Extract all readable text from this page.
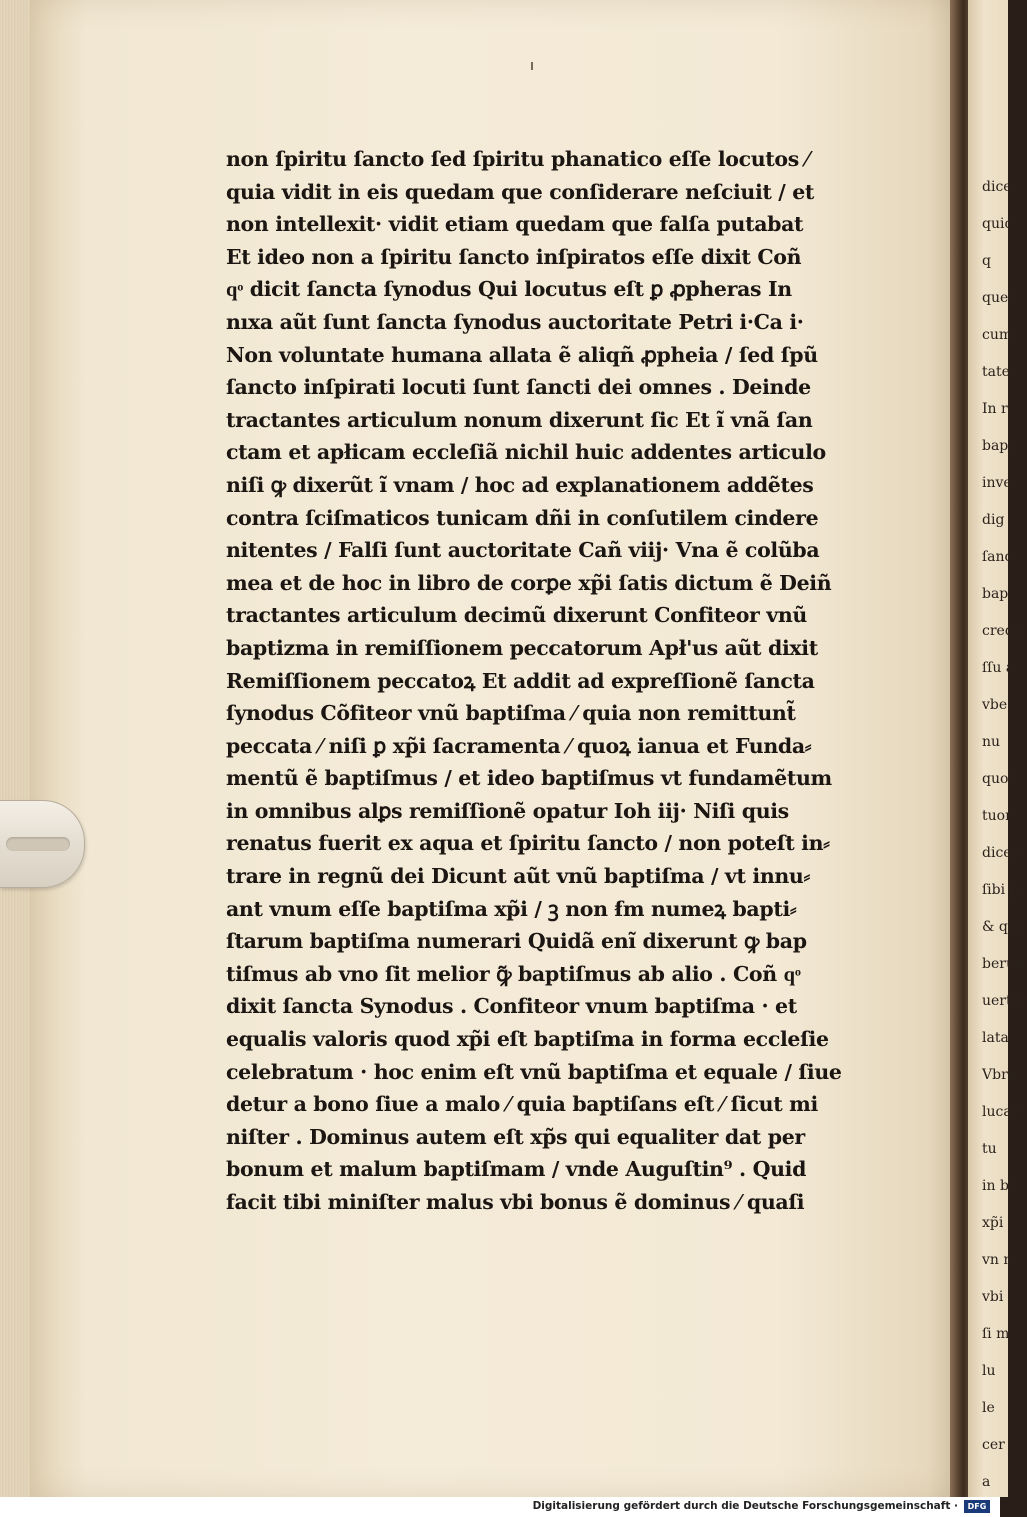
dice
quic
q
quen
cum
tate
In r
bapt
inve
dig
ſanc
bap
crede
ſſu a
vbe
nu
quoſ
tuor
dicer
ſibi p
& que
berun
uerter
lata
Vbra
lucar
tu
in bo
xp̃i
vn n
vbi
ſi m
lu
le
cer
a
non ſpiritu ſancto ſed ſpiritu phanatico eſſe locutos ⁄
quia vidit in eis quedam que conſiderare neſciuit / et
non intellexit· vidit etiam quedam que falſa putabat
Et ideo non a ſpiritu ſancto inſpiratos eſſe dixit Coñ
qͦ dicit ſancta ſynodus Qui locutus eſt ꝑ ꝓpheras In
nıxa aũt ſunt ſancta ſynodus auctoritate Petri i·Ca i·
Non voluntate humana allata ẽ aliqñ ꝓpheia / ſed ſpũ
ſancto inſpirati locuti ſunt ſancti dei omnes . Deinde
tractantes articulum nonum dixerunt ſic Et ĩ vnã ſan
ctam et apłicam eccleſiã nichil huic addentes articulo
niſi ꝙ dixerũt ĩ vnam / hoc ad explanationem addẽtes
contra ſciſmaticos tunicam dñi in conſutilem cindere
nitentes / Falſi ſunt auctoritate Cañ viij· Vna ẽ colũba
mea et de hoc in libro de corꝑe xp̃i ſatis dictum ẽ Deiñ
tractantes articulum decimũ dixerunt Confiteor vnũ
baptizma in remiſſionem peccatorum Apł'us aũt dixit
Remiſſionem peccatoꝝ Et addit ad expreſſionẽ ſancta
ſynodus Cõfiteor vnũ baptiſma ⁄ quia non remittunt̃
peccata ⁄ niſi ꝑ xp̃i ſacramenta ⁄ quoꝝ ianua et Funda⸗
mentũ ẽ baptiſmus / et ideo baptiſmus vt fundamẽtum
in omnibus alꝑs remiſſionẽ opatur Ioh iij· Niſi quis
renatus fuerit ex aqua et ſpiritu ſancto / non poteſt in⸗
trare in regnũ dei Dicunt aũt vnũ baptiſma / vt innu⸗
ant vnum eſſe baptiſma xp̃i / ꝫ non ẜm numeꝝ bapti⸗
ſtarum baptiſma numerari Quidã enĩ dixerunt ꝙ bap
tiſmus ab vno ſit melior ꝙ̃ baptiſmus ab alio . Coñ qͦ
dixit ſancta Synodus . Confiteor vnum baptiſma · et
equalis valoris quod xp̃i eſt baptiſma in forma eccleſie
celebratum · hoc enim eſt vnũ baptiſma et equale / ſiue
detur a bono ſiue a malo ⁄ quia baptiſans eſt ⁄ ſicut mi
niſter . Dominus autem eſt xp̃s qui equaliter dat per
bonum et malum baptiſmam / vnde Auguſtin⁹ . Quid
facit tibi miniſter malus vbi bonus ẽ dominus ⁄ quaſi
Digitalisierung gefördert durch die Deutsche Forschungsgemeinschaft ·	DFG
